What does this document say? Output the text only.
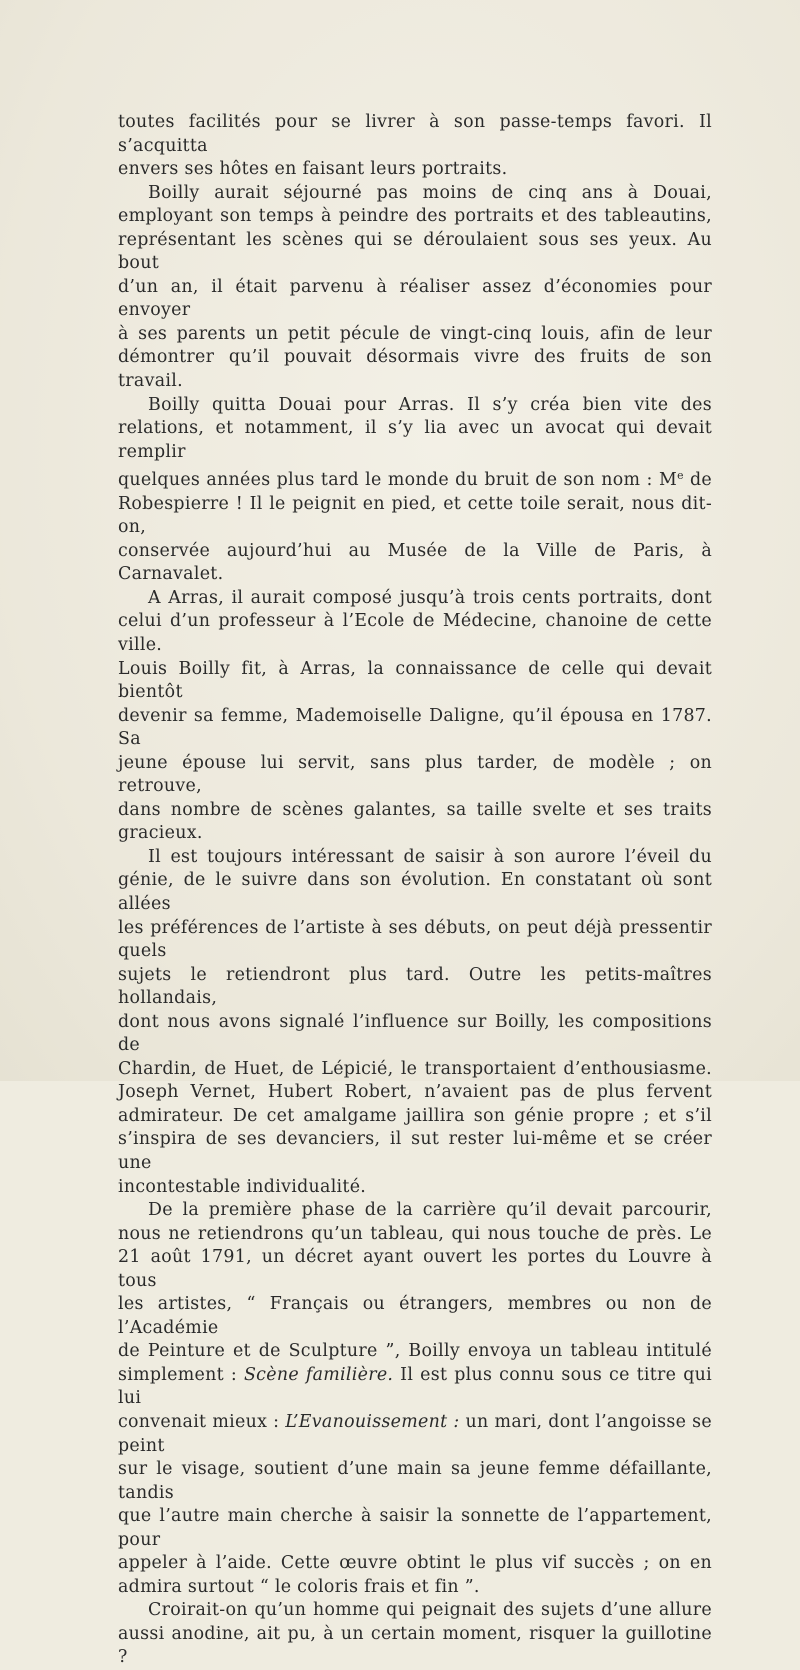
toutes facilités pour se livrer à son passe-temps favori. Il s’acquitta

envers ses hôtes en faisant leurs portraits.

Boilly aurait séjourné pas moins de cinq ans à Douai,

employant son temps à peindre des portraits et des tableautins,

représentant les scènes qui se déroulaient sous ses yeux. Au bout

d’un an, il était parvenu à réaliser assez d’économies pour envoyer

à ses parents un petit pécule de vingt-cinq louis, afin de leur

démontrer qu’il pouvait désormais vivre des fruits de son travail.

Boilly quitta Douai pour Arras. Il s’y créa bien vite des

relations, et notamment, il s’y lia avec un avocat qui devait remplir

quelques années plus tard le monde du bruit de son nom : Me de

Robespierre ! Il le peignit en pied, et cette toile serait, nous dit-on,

conservée aujourd’hui au Musée de la Ville de Paris, à Carnavalet.

A Arras, il aurait composé jusqu’à trois cents portraits, dont

celui d’un professeur à l’Ecole de Médecine, chanoine de cette ville.

Louis Boilly fit, à Arras, la connaissance de celle qui devait bientôt

devenir sa femme, Mademoiselle Daligne, qu’il épousa en 1787. Sa

jeune épouse lui servit, sans plus tarder, de modèle ; on retrouve,

dans nombre de scènes galantes, sa taille svelte et ses traits gracieux.

Il est toujours intéressant de saisir à son aurore l’éveil du

génie, de le suivre dans son évolution. En constatant où sont allées

les préférences de l’artiste à ses débuts, on peut déjà pressentir quels

sujets le retiendront plus tard. Outre les petits-maîtres hollandais,

dont nous avons signalé l’influence sur Boilly, les compositions de

Chardin, de Huet, de Lépicié, le transportaient d’enthousiasme.

Joseph Vernet, Hubert Robert, n’avaient pas de plus fervent

admirateur. De cet amalgame jaillira son génie propre ; et s’il

s’inspira de ses devanciers, il sut rester lui-même et se créer une

incontestable individualité.

De la première phase de la carrière qu’il devait parcourir,

nous ne retiendrons qu’un tableau, qui nous touche de près. Le

21 août 1791, un décret ayant ouvert les portes du Louvre à tous

les artistes, “ Français ou étrangers, membres ou non de l’Académie

de Peinture et de Sculpture ”, Boilly envoya un tableau intitulé

simplement : Scène familière. Il est plus connu sous ce titre qui lui

convenait mieux : L’Evanouissement : un mari, dont l’angoisse se peint

sur le visage, soutient d’une main sa jeune femme défaillante, tandis

que l’autre main cherche à saisir la sonnette de l’appartement, pour

appeler à l’aide. Cette œuvre obtint le plus vif succès ; on en

admira surtout “ le coloris frais et fin ”.

Croirait-on qu’un homme qui peignait des sujets d’une allure

aussi anodine, ait pu, à un certain moment, risquer la guillotine ?
